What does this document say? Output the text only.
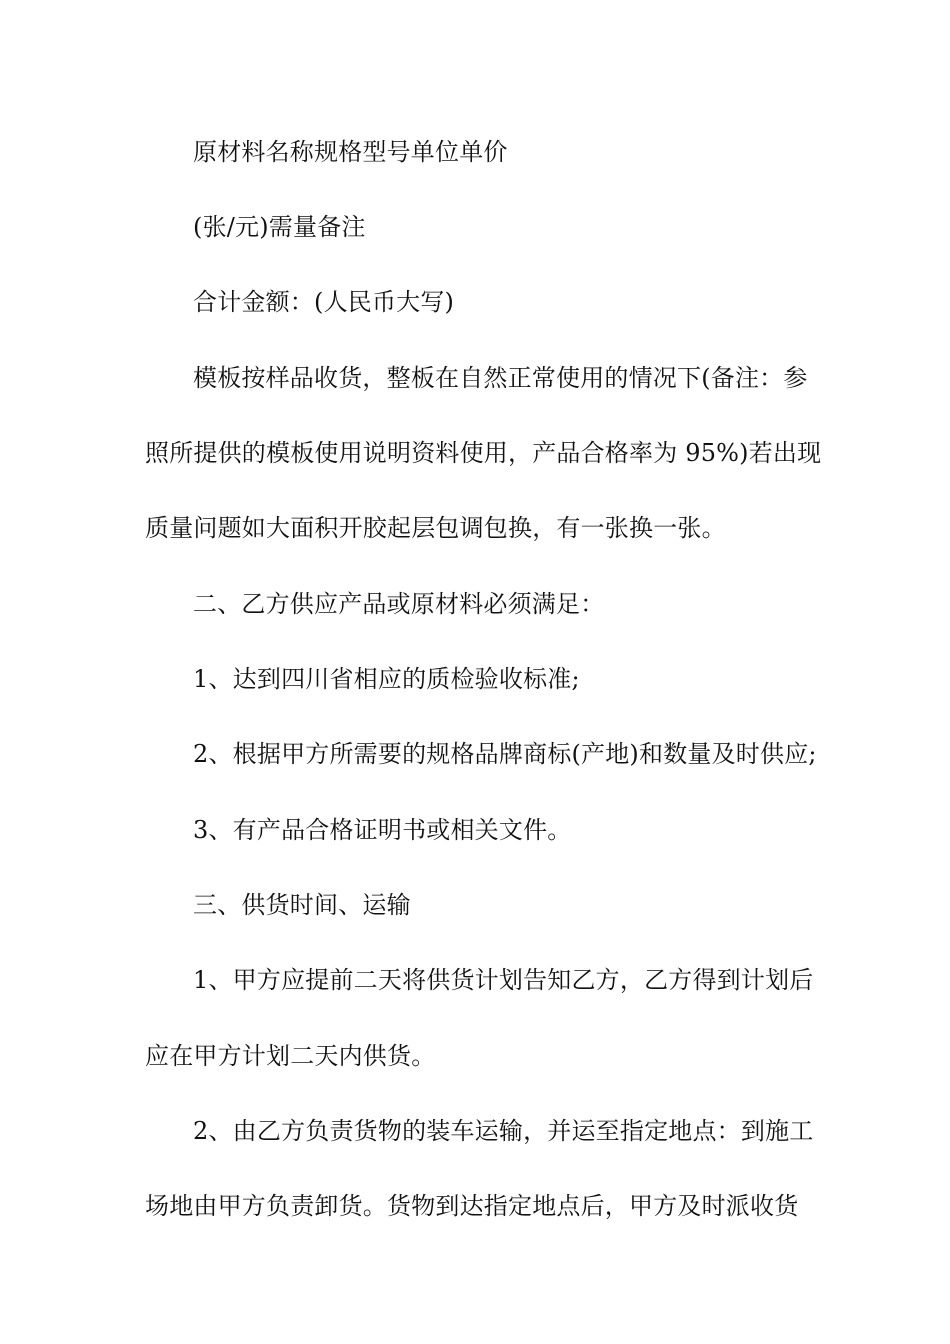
原材料名称规格型号单位单价
(张/元)需量备注
合计金额：(人民币大写)
模板按样品收货，整板在自然正常使用的情况下(备注：参
照所提供的模板使用说明资料使用，产品合格率为 95%)若出现
质量问题如大面积开胶起层包调包换，有一张换一张。
二、乙方供应产品或原材料必须满足：
1、达到四川省相应的质检验收标准;
2、根据甲方所需要的规格品牌商标(产地)和数量及时供应;
3、有产品合格证明书或相关文件。
三、供货时间、运输
1、甲方应提前二天将供货计划告知乙方，乙方得到计划后
应在甲方计划二天内供货。
2、由乙方负责货物的装车运输，并运至指定地点：到施工
场地由甲方负责卸货。货物到达指定地点后，甲方及时派收货
